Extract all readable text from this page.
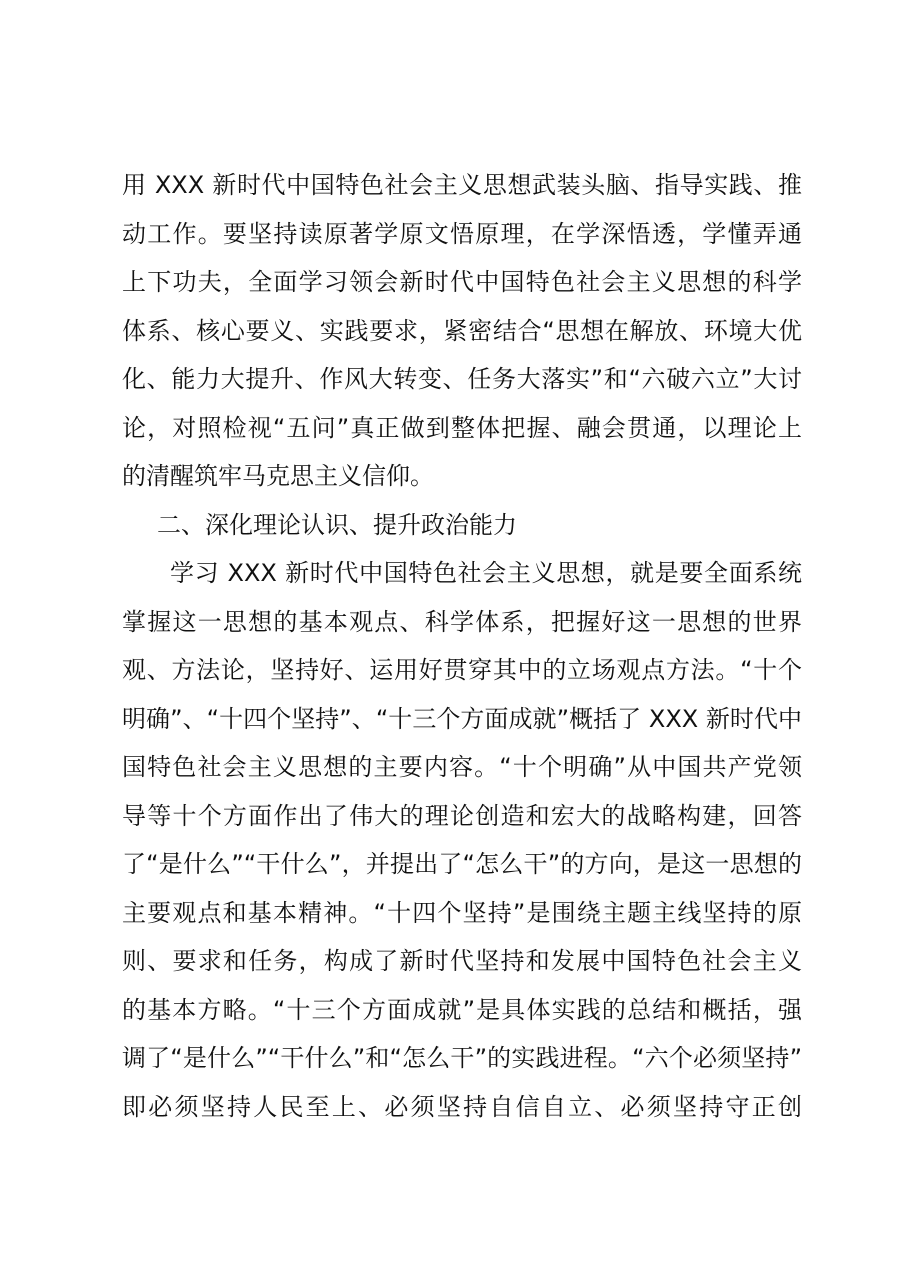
用 XXX 新时代中国特色社会主义思想武装头脑、指导实践、推
动工作。要坚持读原著学原文悟原理，在学深悟透，学懂弄通
上下功夫，全面学习领会新时代中国特色社会主义思想的科学
体系、核心要义、实践要求，紧密结合“思想在解放、环境大优
化、能力大提升、作风大转变、任务大落实”和“六破六立”大讨
论，对照检视“五问”真正做到整体把握、融会贯通，以理论上
的清醒筑牢马克思主义信仰。
二、深化理论认识、提升政治能力
学习 XXX 新时代中国特色社会主义思想，就是要全面系统
掌握这一思想的基本观点、科学体系，把握好这一思想的世界
观、方法论，坚持好、运用好贯穿其中的立场观点方法。“十个
明确”、“十四个坚持”、“十三个方面成就”概括了 XXX 新时代中
国特色社会主义思想的主要内容。“十个明确”从中国共产党领
导等十个方面作出了伟大的理论创造和宏大的战略构建，回答
了“是什么”“干什么”，并提出了“怎么干”的方向，是这一思想的
主要观点和基本精神。“十四个坚持”是围绕主题主线坚持的原
则、要求和任务，构成了新时代坚持和发展中国特色社会主义
的基本方略。“十三个方面成就”是具体实践的总结和概括，强
调了“是什么”“干什么”和“怎么干”的实践进程。“六个必须坚持”
即必须坚持人民至上、必须坚持自信自立、必须坚持守正创
